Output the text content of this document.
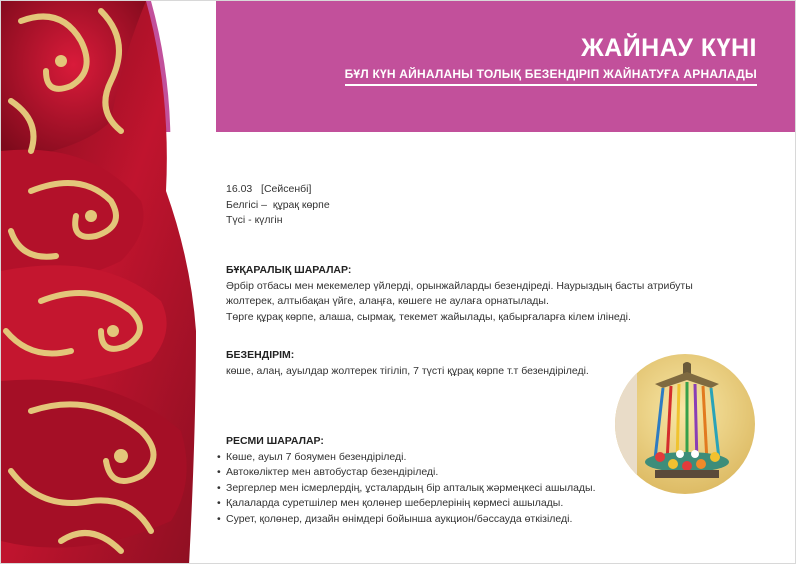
ЖАЙНАУ КҮНІ
БҰЛ КҮН АЙНАЛАНЫ ТОЛЫҚ БЕЗЕНДІРІП ЖАЙНАТУҒА АРНАЛАДЫ
16.03   [Сейсенбі]
Белгісі –  құрақ көрпе
Түсі - күлгін
БҰҚАРАЛЫҚ ШАРАЛАР:
Әрбір отбасы мен мекемелер үйлерді, орынжайларды безендіреді. Наурыздың басты атрибуты
жолтерек, алтыбақан үйге, алаңға, көшеге не аулаға орнатылады.
Төрге құрақ көрпе, алаша, сырмақ, текемет жайылады, қабырғаларға кілем ілінеді.
БЕЗЕНДІРІМ:
көше, алаң, ауылдар жолтерек тігіліп, 7 түсті құрақ көрпе т.т безендіріледі.
РЕСМИ ШАРАЛАР:
• Көше, ауыл 7 бояумен безендіріледі.
• Автокөліктер мен автобустар безендіріледі.
• Зергерлер мен ісмерлердің, ұсталардың бір апталық жәрмеңкесі ашылады.
• Қалаларда суретшілер мен қолөнер шеберлерінің көрмесі ашылады.
• Сурет, қолөнер, дизайн өнімдері бойынша аукцион/бәссауда өткізіледі.
